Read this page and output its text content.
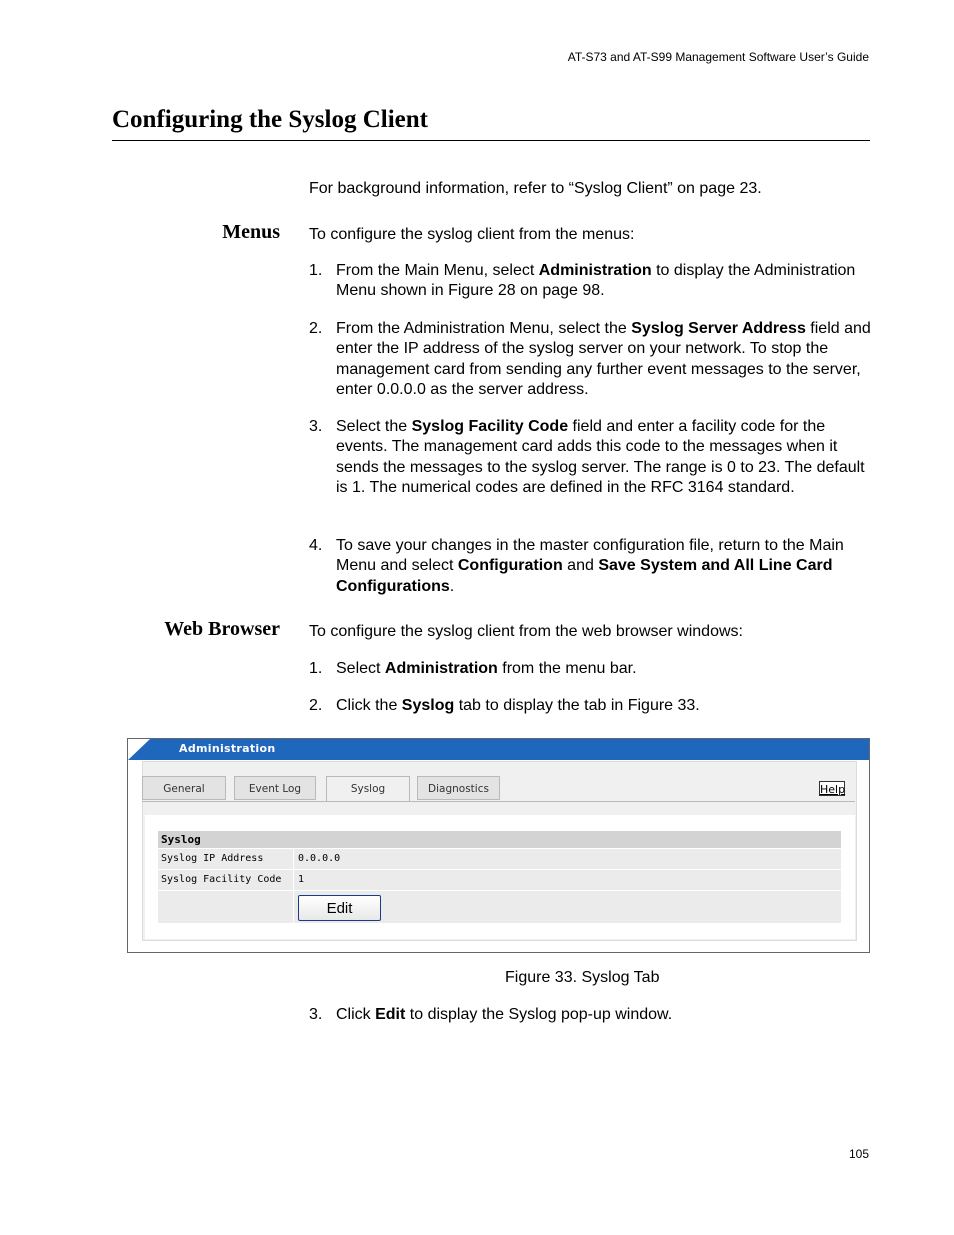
AT-S73 and AT-S99 Management Software User’s Guide
Configuring the Syslog Client
For background information, refer to “Syslog Client” on page 23.
Menus To configure the syslog client from the menus:
1. From the Main Menu, select Administration to display the Administration Menu shown in Figure 28 on page 98.
2. From the Administration Menu, select the Syslog Server Address field and enter the IP address of the syslog server on your network. To stop the management card from sending any further event messages to the server, enter 0.0.0.0 as the server address.
3. Select the Syslog Facility Code field and enter a facility code for the events. The management card adds this code to the messages when it sends the messages to the syslog server. The range is 0 to 23. The default is 1. The numerical codes are defined in the RFC 3164 standard.
4. To save your changes in the master configuration file, return to the Main Menu and select Configuration and Save System and All Line Card Configurations.
Web Browser To configure the syslog client from the web browser windows:
1. Select Administration from the menu bar.
2. Click the Syslog tab to display the tab in Figure 33.
Administration
General	Event Log	Syslog	Diagnostics	Help
Syslog
Syslog IP Address	0.0.0.0
Syslog Facility Code	1
Edit
Figure 33. Syslog Tab
3. Click Edit to display the Syslog pop-up window.
105
